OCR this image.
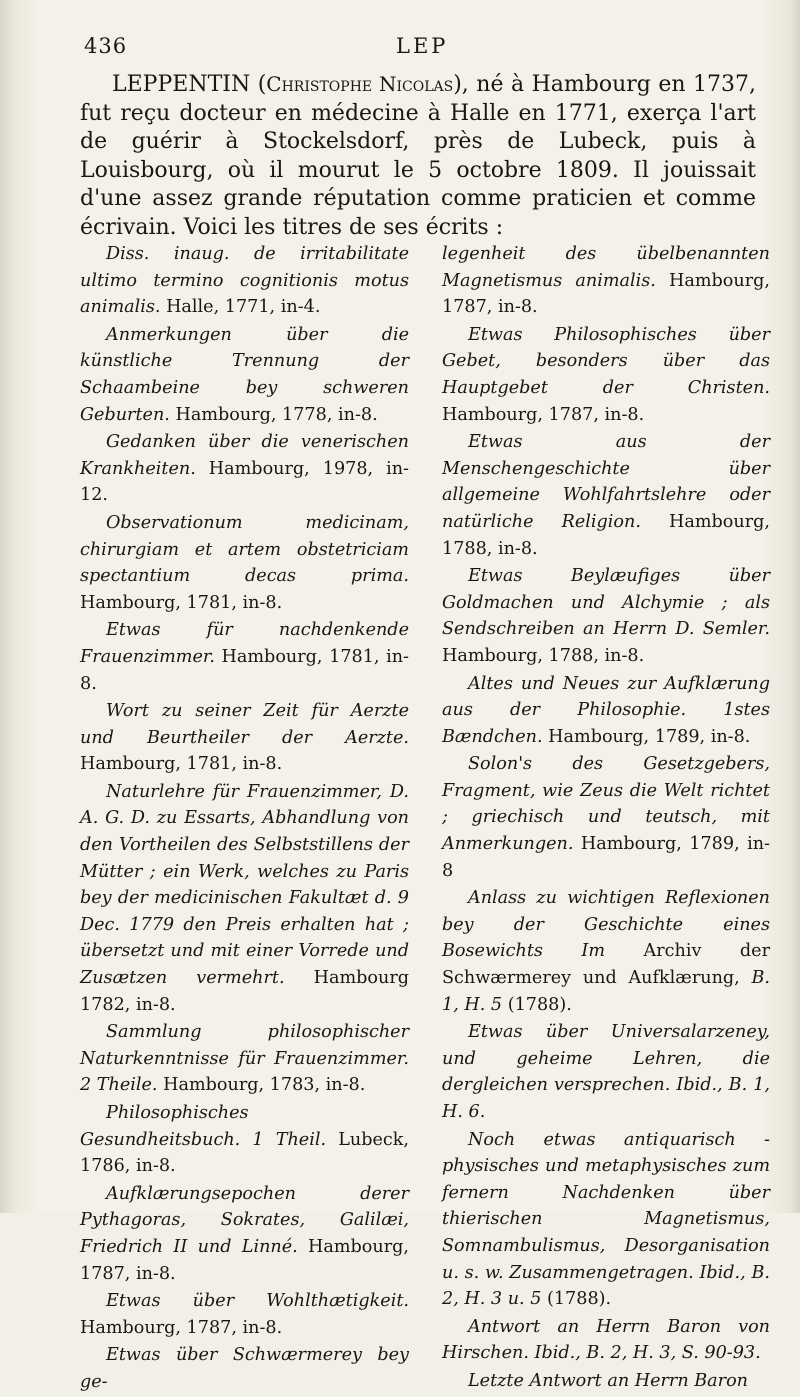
436	LEP
LEPPENTIN (Christophe Nicolas), né à Hambourg en 1737, fut reçu docteur en médecine à Halle en 1771, exerça l'art de guérir à Stockelsdorf, près de Lubeck, puis à Louisbourg, où il mourut le 5 octobre 1809. Il jouissait d'une assez grande réputation comme praticien et comme écrivain. Voici les titres de ses écrits :

Diss. inaug. de irritabilitate ultimo termino cognitionis motus animalis. Halle, 1771, in-4.

Anmerkungen über die künstliche Trennung der Schaambeine bey schweren Geburten. Hambourg, 1778, in-8.

Gedanken über die venerischen Krankheiten. Hambourg, 1978, in-12.

Observationum medicinam, chirurgiam et artem obstetriciam spectantium decas prima. Hambourg, 1781, in-8.

Etwas für nachdenkende Frauenzimmer. Hambourg, 1781, in-8.

Wort zu seiner Zeit für Aerzte und Beurtheiler der Aerzte. Hambourg, 1781, in-8.

Naturlehre für Frauenzimmer, D. A. G. D. zu Essarts, Abhandlung von den Vortheilen des Selbststillens der Mütter ; ein Werk, welches zu Paris bey der medicinischen Fakultæt d. 9 Dec. 1779 den Preis erhalten hat ; übersetzt und mit einer Vorrede und Zusætzen vermehrt. Hambourg 1782, in-8.

Sammlung philosophischer Naturkenntnisse für Frauenzimmer. 2 Theile. Hambourg, 1783, in-8.

Philosophisches Gesundheitsbuch. 1 Theil. Lubeck, 1786, in-8.

Aufklærungsepochen derer Pythagoras, Sokrates, Galilæi, Friedrich II und Linné. Hambourg, 1787, in-8.

Etwas über Wohlthætigkeit. Hambourg, 1787, in-8.

Etwas über Schwærmerey bey ge-

legenheit des übelbenannten Magnetismus animalis. Hambourg, 1787, in-8.

Etwas Philosophisches über Gebet, besonders über das Hauptgebet der Christen. Hambourg, 1787, in-8.

Etwas aus der Menschengeschichte über allgemeine Wohlfahrtslehre oder natürliche Religion. Hambourg, 1788, in-8.

Etwas Beylæufiges über Goldmachen und Alchymie ; als Sendschreiben an Herrn D. Semler. Hambourg, 1788, in-8.

Altes und Neues zur Aufklærung aus der Philosophie. 1stes Bændchen. Hambourg, 1789, in-8.

Solon's des Gesetzgebers, Fragment, wie Zeus die Welt richtet ; griechisch und teutsch, mit Anmerkungen. Hambourg, 1789, in-8

Anlass zu wichtigen Reflexionen bey der Geschichte eines Bosewichts Im Archiv der Schwærmerey und Aufklærung, B. 1, H. 5 (1788).

Etwas über Universalarzeney, und geheime Lehren, die dergleichen versprechen. Ibid., B. 1, H. 6.

Noch etwas antiquarisch - physisches und metaphysisches zum fernern Nachdenken über thierischen Magnetismus, Somnambulismus, Desorganisation u. s. w. Zusammengetragen. Ibid., B. 2, H. 3 u. 5 (1788).

Antwort an Herrn Baron von Hirschen. Ibid., B. 2, H. 3, S. 90-93.

Letzte Antwort an Herrn Baron
